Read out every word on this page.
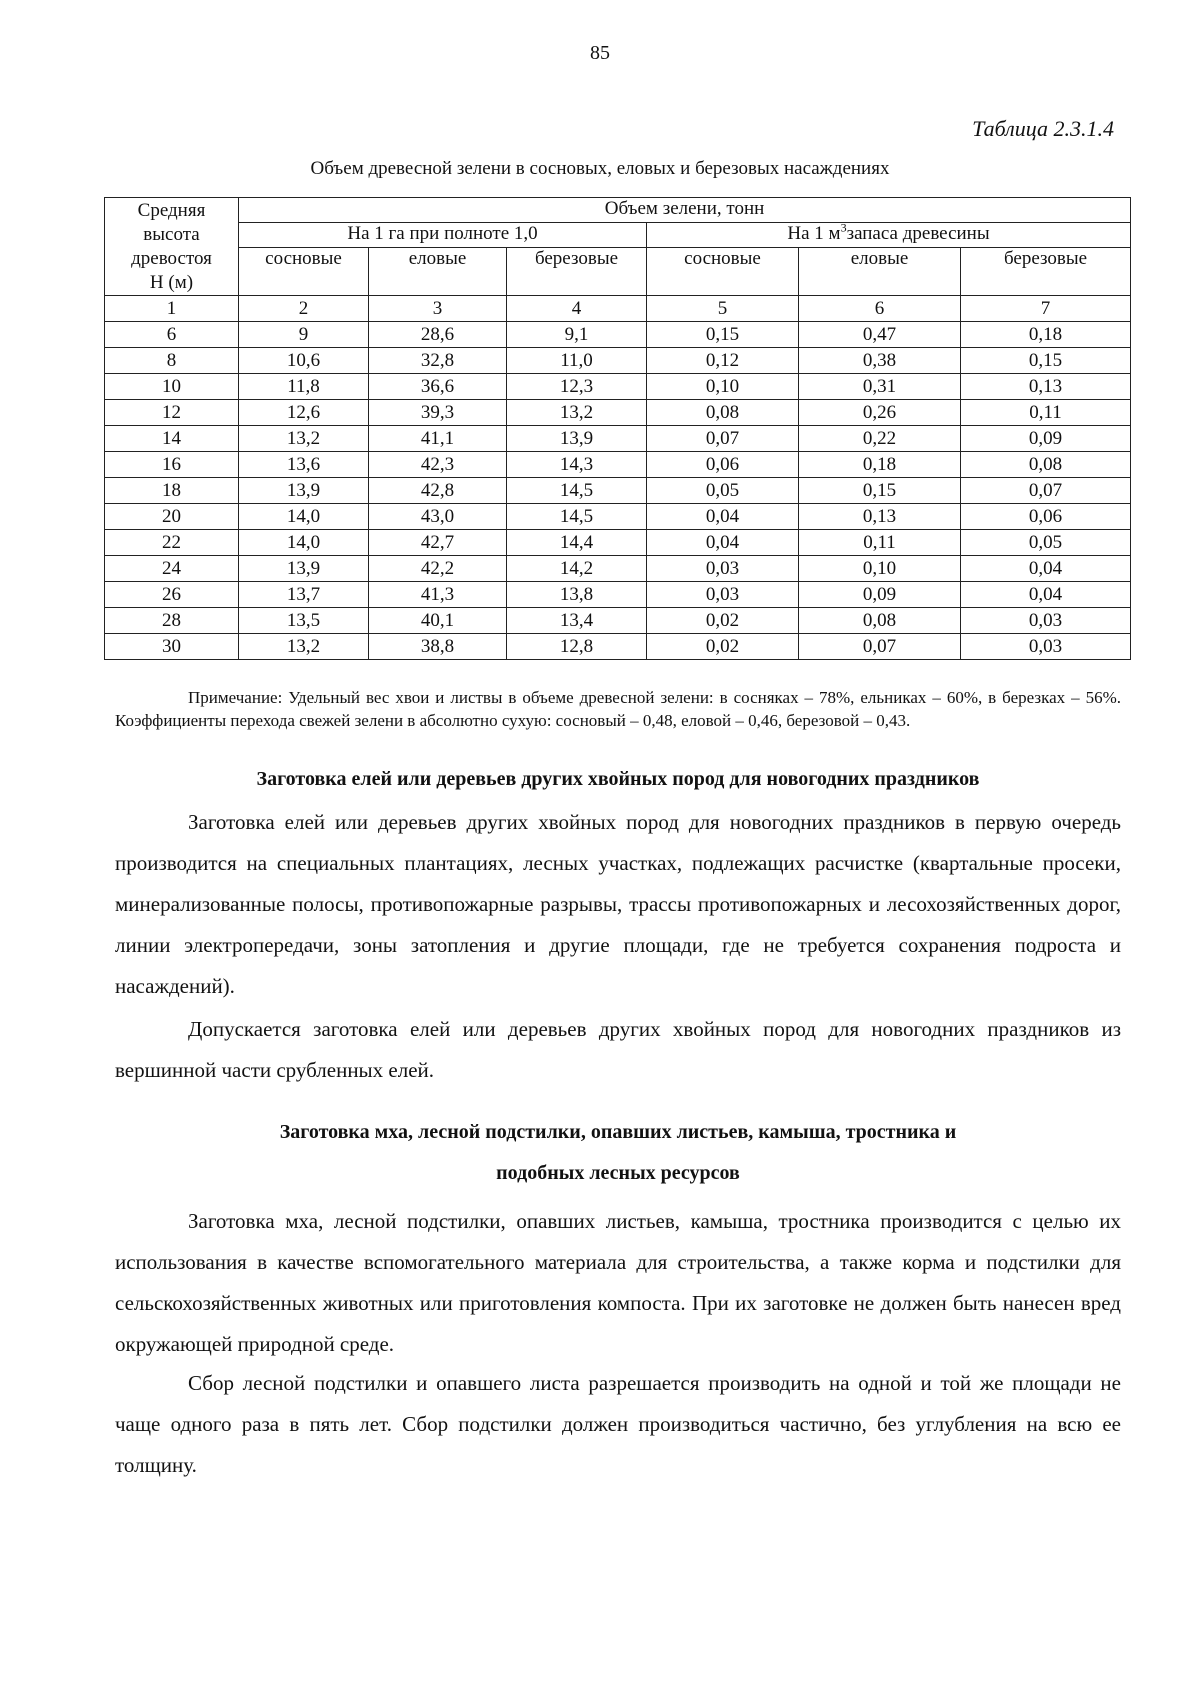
85
Таблица 2.3.1.4
Объем древесной зелени в сосновых, еловых и березовых насаждениях
Средняя
высота
древостоя
Н (м)	Объем зелени, тонн					
	На 1 га при полноте 1,0			На 1 $м^3запаса$ древесины		
	сосновые	еловые	березовые	сосновые	еловые	березовые
1	2	3	4	5	6	7
6	9	28,6	9,1	0,15	0,47	0,18
8	10,6	32,8	11,0	0,12	0,38	0,15
10	11,8	36,6	12,3	0,10	0,31	0,13
12	12,6	39,3	13,2	0,08	0,26	0,11
14	13,2	41,1	13,9	0,07	0,22	0,09
16	13,6	42,3	14,3	0,06	0,18	0,08
18	13,9	42,8	14,5	0,05	0,15	0,07
20	14,0	43,0	14,5	0,04	0,13	0,06
22	14,0	42,7	14,4	0,04	0,11	0,05
24	13,9	42,2	14,2	0,03	0,10	0,04
26	13,7	41,3	13,8	0,03	0,09	0,04
28	13,5	40,1	13,4	0,02	0,08	0,03
30	13,2	38,8	12,8	0,02	0,07	0,03
Примечание: Удельный вес хвои и листвы в объеме древесной зелени: в сосняках – 78%, ельниках – 60%, в березках – 56%. Коэффициенты перехода свежей зелени в абсолютно сухую: сосновый – 0,48, еловой – 0,46, березовой – 0,43.
Заготовка елей или деревьев других хвойных пород для новогодних праздников

Заготовка елей или деревьев других хвойных пород для новогодних праздников в первую очередь производится на специальных плантациях, лесных участках, подлежащих расчистке (квартальные просеки, минерализованные полосы, противопожарные разрывы, трассы противопожарных и лесохозяйственных дорог, линии электропередачи, зоны затопления и другие площади, где не требуется сохранения подроста и насаждений).

Допускается заготовка елей или деревьев других хвойных пород для новогодних праздников из вершинной части срубленных елей.

Заготовка мха, лесной подстилки, опавших листьев, камыша, тростника и
подобных лесных ресурсов

Заготовка мха, лесной подстилки, опавших листьев, камыша, тростника производится с целью их использования в качестве вспомогательного материала для строительства, а также корма и подстилки для сельскохозяйственных животных или приготовления компоста. При их заготовке не должен быть нанесен вред окружающей природной среде.

Сбор лесной подстилки и опавшего листа разрешается производить на одной и той же площади не чаще одного раза в пять лет. Сбор подстилки должен производиться частично, без углубления на всю ее толщину.
